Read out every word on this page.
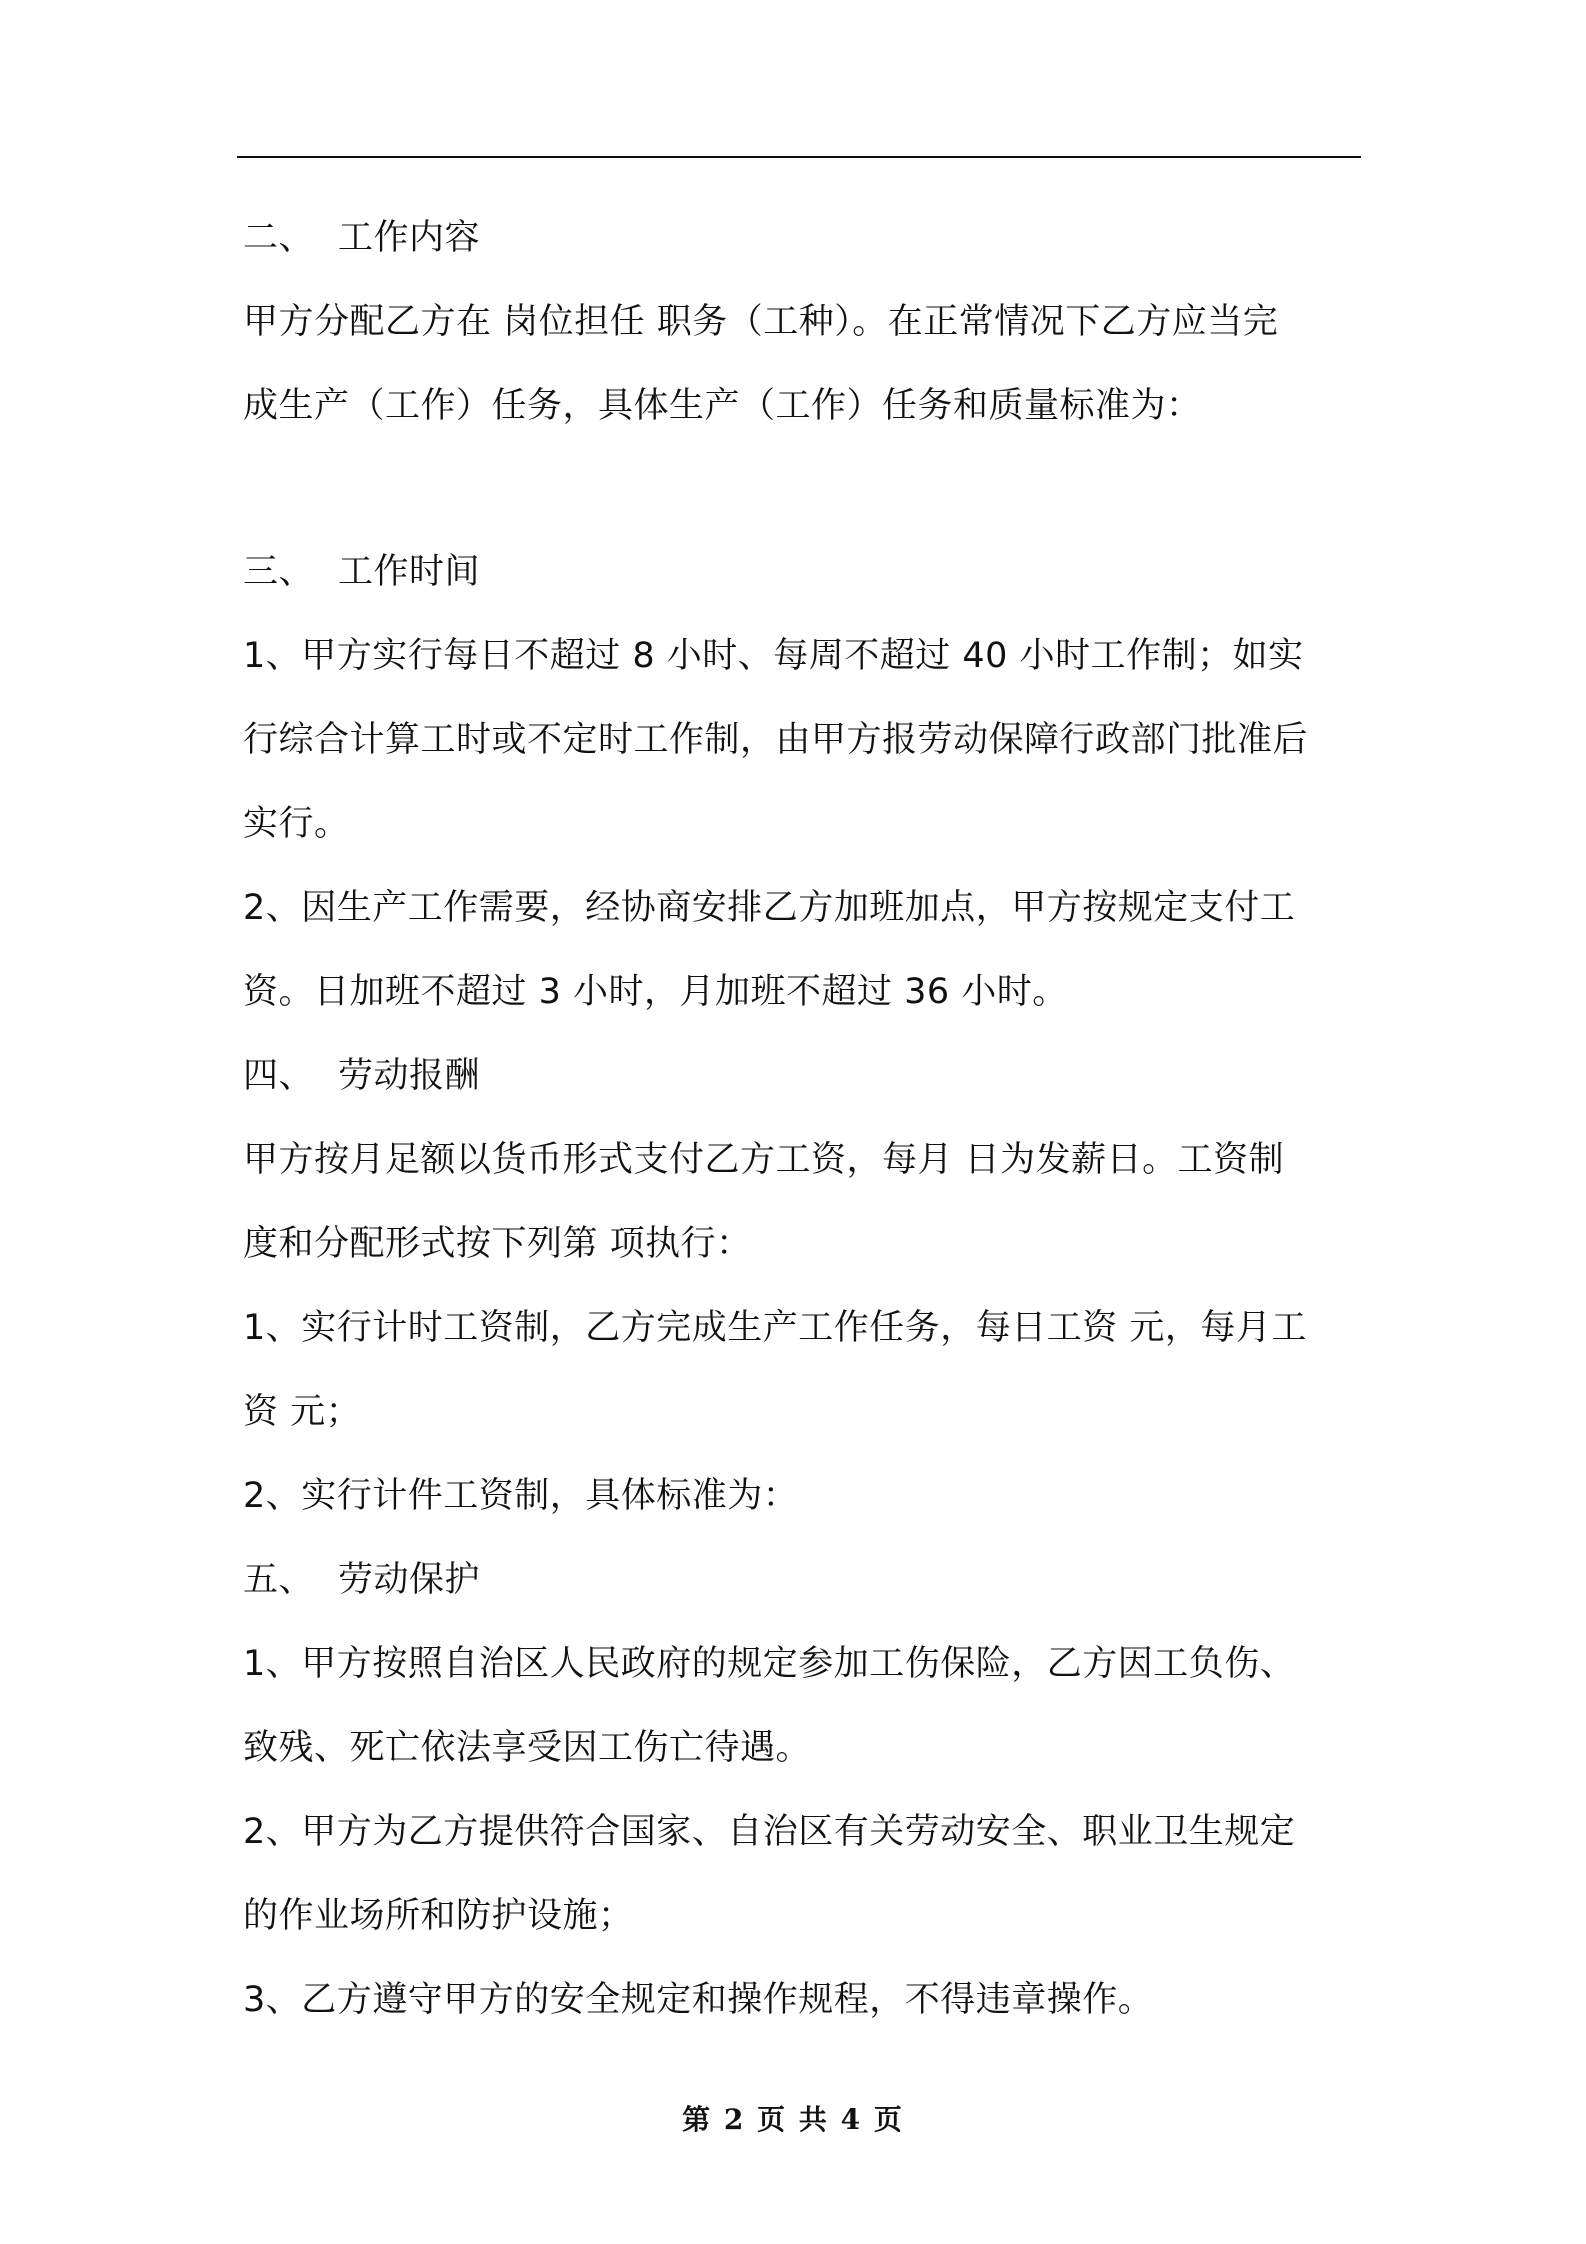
二、 工作内容
甲方分配乙方在 岗位担任 职务（工种）。在正常情况下乙方应当完
成生产（工作）任务，具体生产（工作）任务和质量标准为：
三、 工作时间
1、甲方实行每日不超过 8 小时、每周不超过 40 小时工作制；如实
行综合计算工时或不定时工作制，由甲方报劳动保障行政部门批准后
实行。
2、因生产工作需要，经协商安排乙方加班加点，甲方按规定支付工
资。日加班不超过 3 小时，月加班不超过 36 小时。
四、 劳动报酬
甲方按月足额以货币形式支付乙方工资，每月 日为发薪日。工资制
度和分配形式按下列第 项执行：
1、实行计时工资制，乙方完成生产工作任务，每日工资 元，每月工
资 元；
2、实行计件工资制，具体标准为：
五、 劳动保护
1、甲方按照自治区人民政府的规定参加工伤保险，乙方因工负伤、
致残、死亡依法享受因工伤亡待遇。
2、甲方为乙方提供符合国家、自治区有关劳动安全、职业卫生规定
的作业场所和防护设施；
3、乙方遵守甲方的安全规定和操作规程，不得违章操作。
第 2 页 共 4 页
